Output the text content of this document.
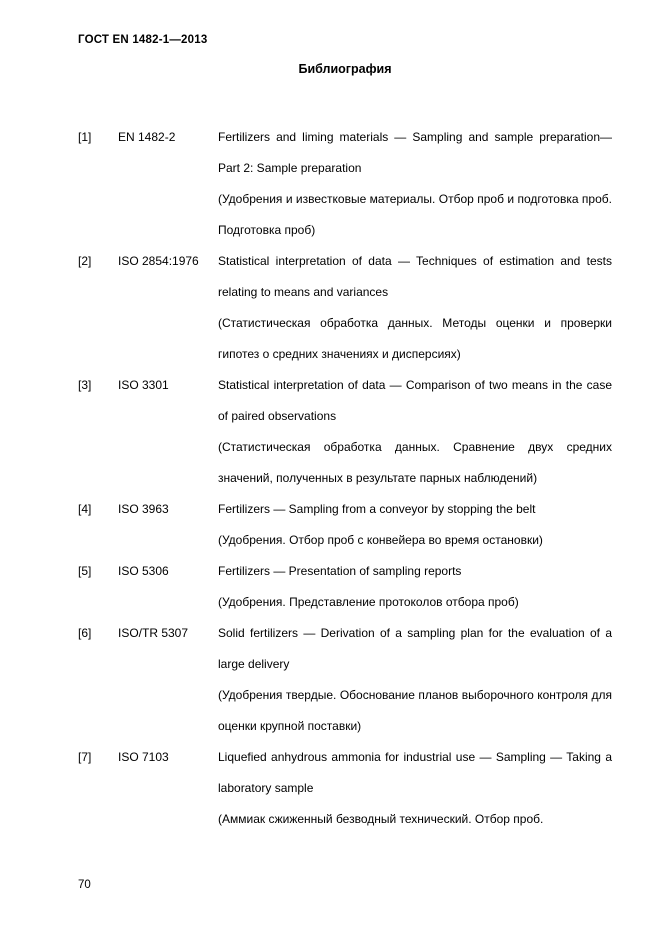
ГОСТ EN 1482-1—2013
Библиография
[1]	EN 1482-2	Fertilizers and liming materials — Sampling and sample preparation— Part 2: Sample preparation

(Удобрения и известковые материалы. Отбор проб и подготовка проб. Подготовка проб)

[2]	ISO 2854:1976	Statistical interpretation of data — Techniques of estimation and tests relating to means and variances

(Статистическая обработка данных. Методы оценки и проверки гипотез о средних значениях и дисперсиях)

[3]	ISO 3301	Statistical interpretation of data — Comparison of two means in the case of paired observations

(Статистическая обработка данных. Сравнение двух средних значений, полученных в результате парных наблюдений)

[4]	ISO 3963	Fertilizers — Sampling from a conveyor by stopping the belt

(Удобрения. Отбор проб с конвейера во время остановки)

[5]	ISO 5306	Fertilizers — Presentation of sampling reports

(Удобрения. Представление протоколов отбора проб)

[6]	ISO/TR 5307	Solid fertilizers — Derivation of a sampling plan for the evaluation of a large delivery

(Удобрения твердые. Обоснование планов выборочного контроля для оценки крупной поставки)

[7]	ISO 7103	Liquefied anhydrous ammonia for industrial use — Sampling — Taking a laboratory sample

(Аммиак сжиженный безводный технический. Отбор проб.

70
